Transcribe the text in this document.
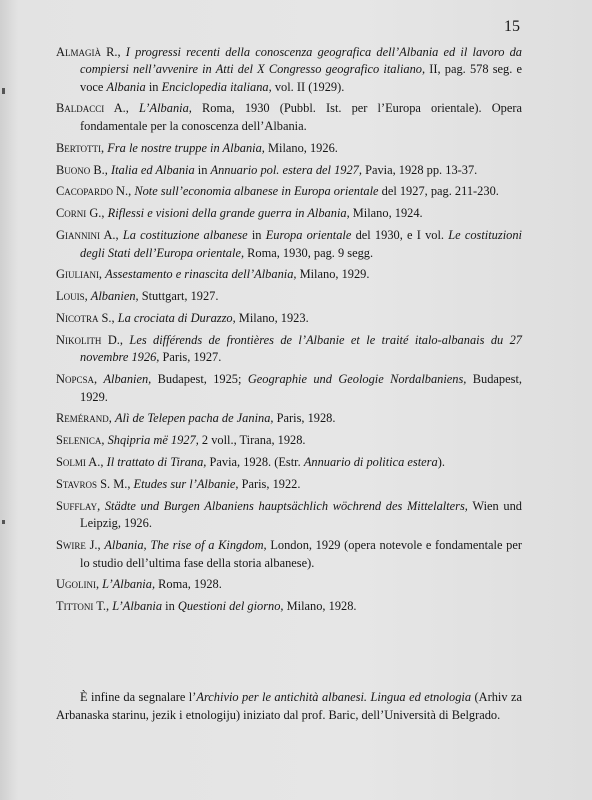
15

Almagià R., I progressi recenti della conoscenza geografica dell’Albania ed il lavoro da compiersi nell’avvenire in Atti del X Congresso geografico italiano, II, pag. 578 seg. e voce Albania in Enciclopedia italiana, vol. II (1929).

Baldacci A., L’Albania, Roma, 1930 (Pubbl. Ist. per l’Europa orientale). Opera fondamentale per la conoscenza dell’Albania.

Bertotti, Fra le nostre truppe in Albania, Milano, 1926.

Buono B., Italia ed Albania in Annuario pol. estera del 1927, Pavia, 1928 pp. 13-37.

Cacopardo N., Note sull’economia albanese in Europa orientale del 1927, pag. 211-230.

Corni G., Riflessi e visioni della grande guerra in Albania, Milano, 1924.

Giannini A., La costituzione albanese in Europa orientale del 1930, e I vol. Le costituzioni degli Stati dell’Europa orientale, Roma, 1930, pag. 9 segg.

Giuliani, Assestamento e rinascita dell’Albania, Milano, 1929.

Louis, Albanien, Stuttgart, 1927.

Nicotra S., La crociata di Durazzo, Milano, 1923.

Nikolith D., Les différends de frontières de l’Albanie et le traité italo-albanais du 27 novembre 1926, Paris, 1927.

Nopcsa, Albanien, Budapest, 1925; Geographie und Geologie Nordalbaniens, Budapest, 1929.

Remérand, Alì de Telepen pacha de Janina, Paris, 1928.

Selenica, Shqipria më 1927, 2 voll., Tirana, 1928.

Solmi A., Il trattato di Tirana, Pavia, 1928. (Estr. Annuario di politica estera).

Stavros S. M., Etudes sur l’Albanie, Paris, 1922.

Sufflay, Städte und Burgen Albaniens hauptsächlich wöchrend des Mittelalters, Wien und Leipzig, 1926.

Swire J., Albania, The rise of a Kingdom, London, 1929 (opera notevole e fondamentale per lo studio dell’ultima fase della storia albanese).

Ugolini, L’Albania, Roma, 1928.

Tittoni T., L’Albania in Questioni del giorno, Milano, 1928.

È infine da segnalare l’Archivio per le antichità albanesi. Lingua ed etnologia (Arhiv za Arbanaska starinu, jezik i etnologiju) iniziato dal prof. Baric, dell’Università di Belgrado.
